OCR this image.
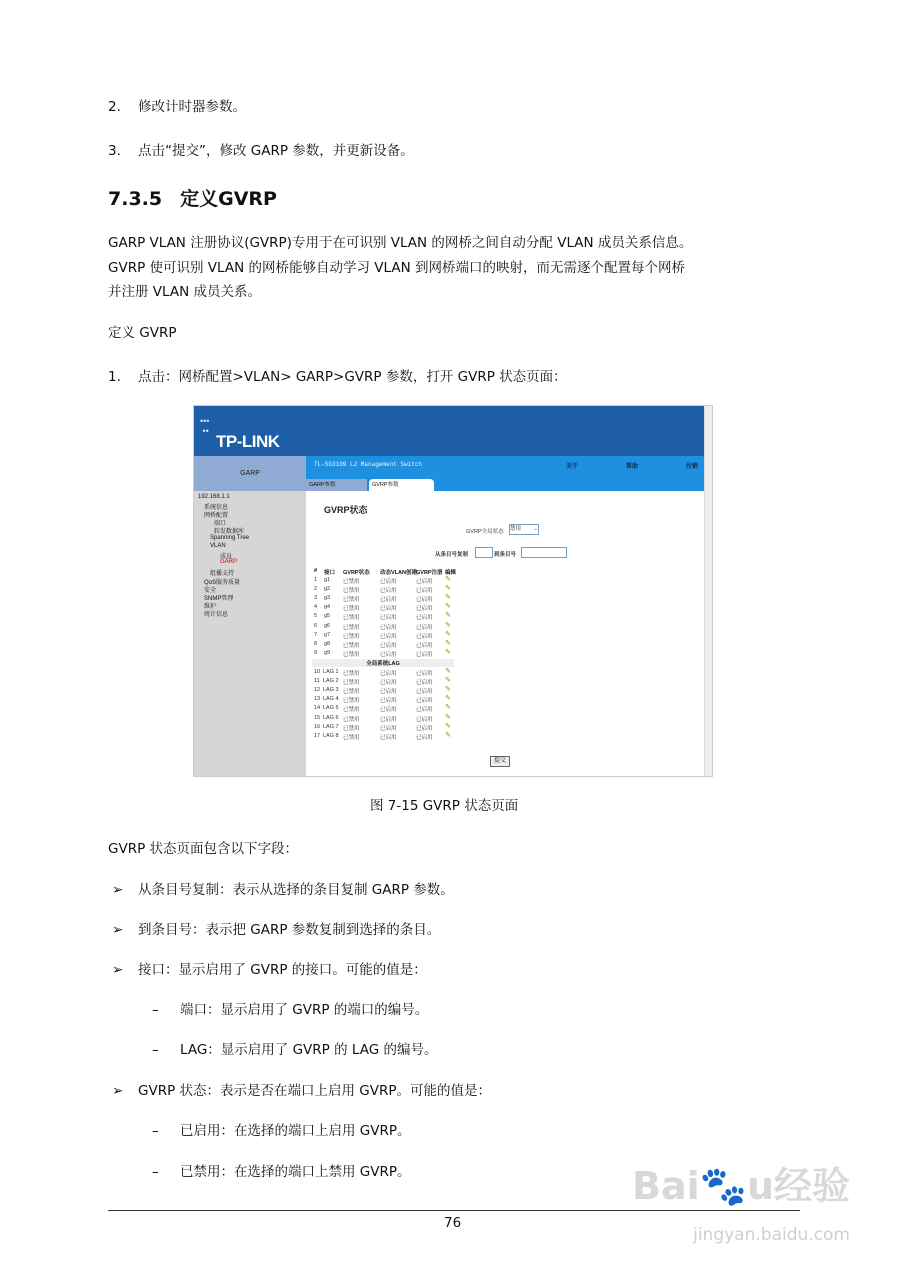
2. 修改计时器参数。
3. 点击“提交”，修改 GARP 参数，并更新设备。
7.3.5 定义GVRP
GARP VLAN 注册协议(GVRP)专用于在可识别 VLAN 的网桥之间自动分配 VLAN 成员关系信息。
GVRP 使可识别 VLAN 的网桥能够自动学习 VLAN 到网桥端口的映射，而无需逐个配置每个网桥
并注册 VLAN 成员关系。
定义 GVRP
1. 点击：网桥配置>VLAN> GARP>GVRP 参数，打开 GVRP 状态页面：
•••
••
TP-LINK
GARP
TL-SG3109 L2 Management Switch	关于	帮助	注销
GARP参数	GVRP参数
192.168.1.1
系统信息
网桥配置
端口
转发数据库
Spanning Tree
VLAN
成员
GARP
组播支持
QoS服务质量
安全
SNMP管理
维护
统计信息
GVRP状态
GVRP全局状态 禁用 ⌄
从条目号复制	到条目号
# 接口 GVRP状态 动态VLAN创建 GVRP注册 编辑
1 g1 已禁用	已启用	已启用 ✎
2 g2 已禁用	已启用	已启用 ✎
3 g3 已禁用	已启用	已启用 ✎
4 g4 已禁用	已启用	已启用 ✎
5 g5 已禁用	已启用	已启用 ✎
6 g6 已禁用	已启用	已启用 ✎
7 g7 已禁用	已启用	已启用 ✎
8 g8 已禁用	已启用	已启用 ✎
9 g9 已禁用	已启用	已启用 ✎
全局系统LAG
10 LAG 1 已禁用	已启用	已启用 ✎
11 LAG 2 已禁用	已启用	已启用 ✎
12 LAG 3 已禁用	已启用	已启用 ✎
13 LAG 4 已禁用	已启用	已启用 ✎
14 LAG 5 已禁用	已启用	已启用 ✎
15 LAG 6 已禁用	已启用	已启用 ✎
16 LAG 7 已禁用	已启用	已启用 ✎
17 LAG 8 已禁用	已启用	已启用 ✎
提交
图 7-15 GVRP 状态页面
GVRP 状态页面包含以下字段：
➢ 从条目号复制：表示从选择的条目复制 GARP 参数。
➢ 到条目号：表示把 GARP 参数复制到选择的条目。
➢ 接口：显示启用了 GVRP 的接口。可能的值是：
– 端口：显示启用了 GVRP 的端口的编号。
– LAG：显示启用了 GVRP 的 LAG 的编号。
➢ GVRP 状态：表示是否在端口上启用 GVRP。可能的值是：
– 已启用：在选择的端口上启用 GVRP。
– 已禁用：在选择的端口上禁用 GVRP。
76
Bai🐾u经验
jingyan.baidu.com
